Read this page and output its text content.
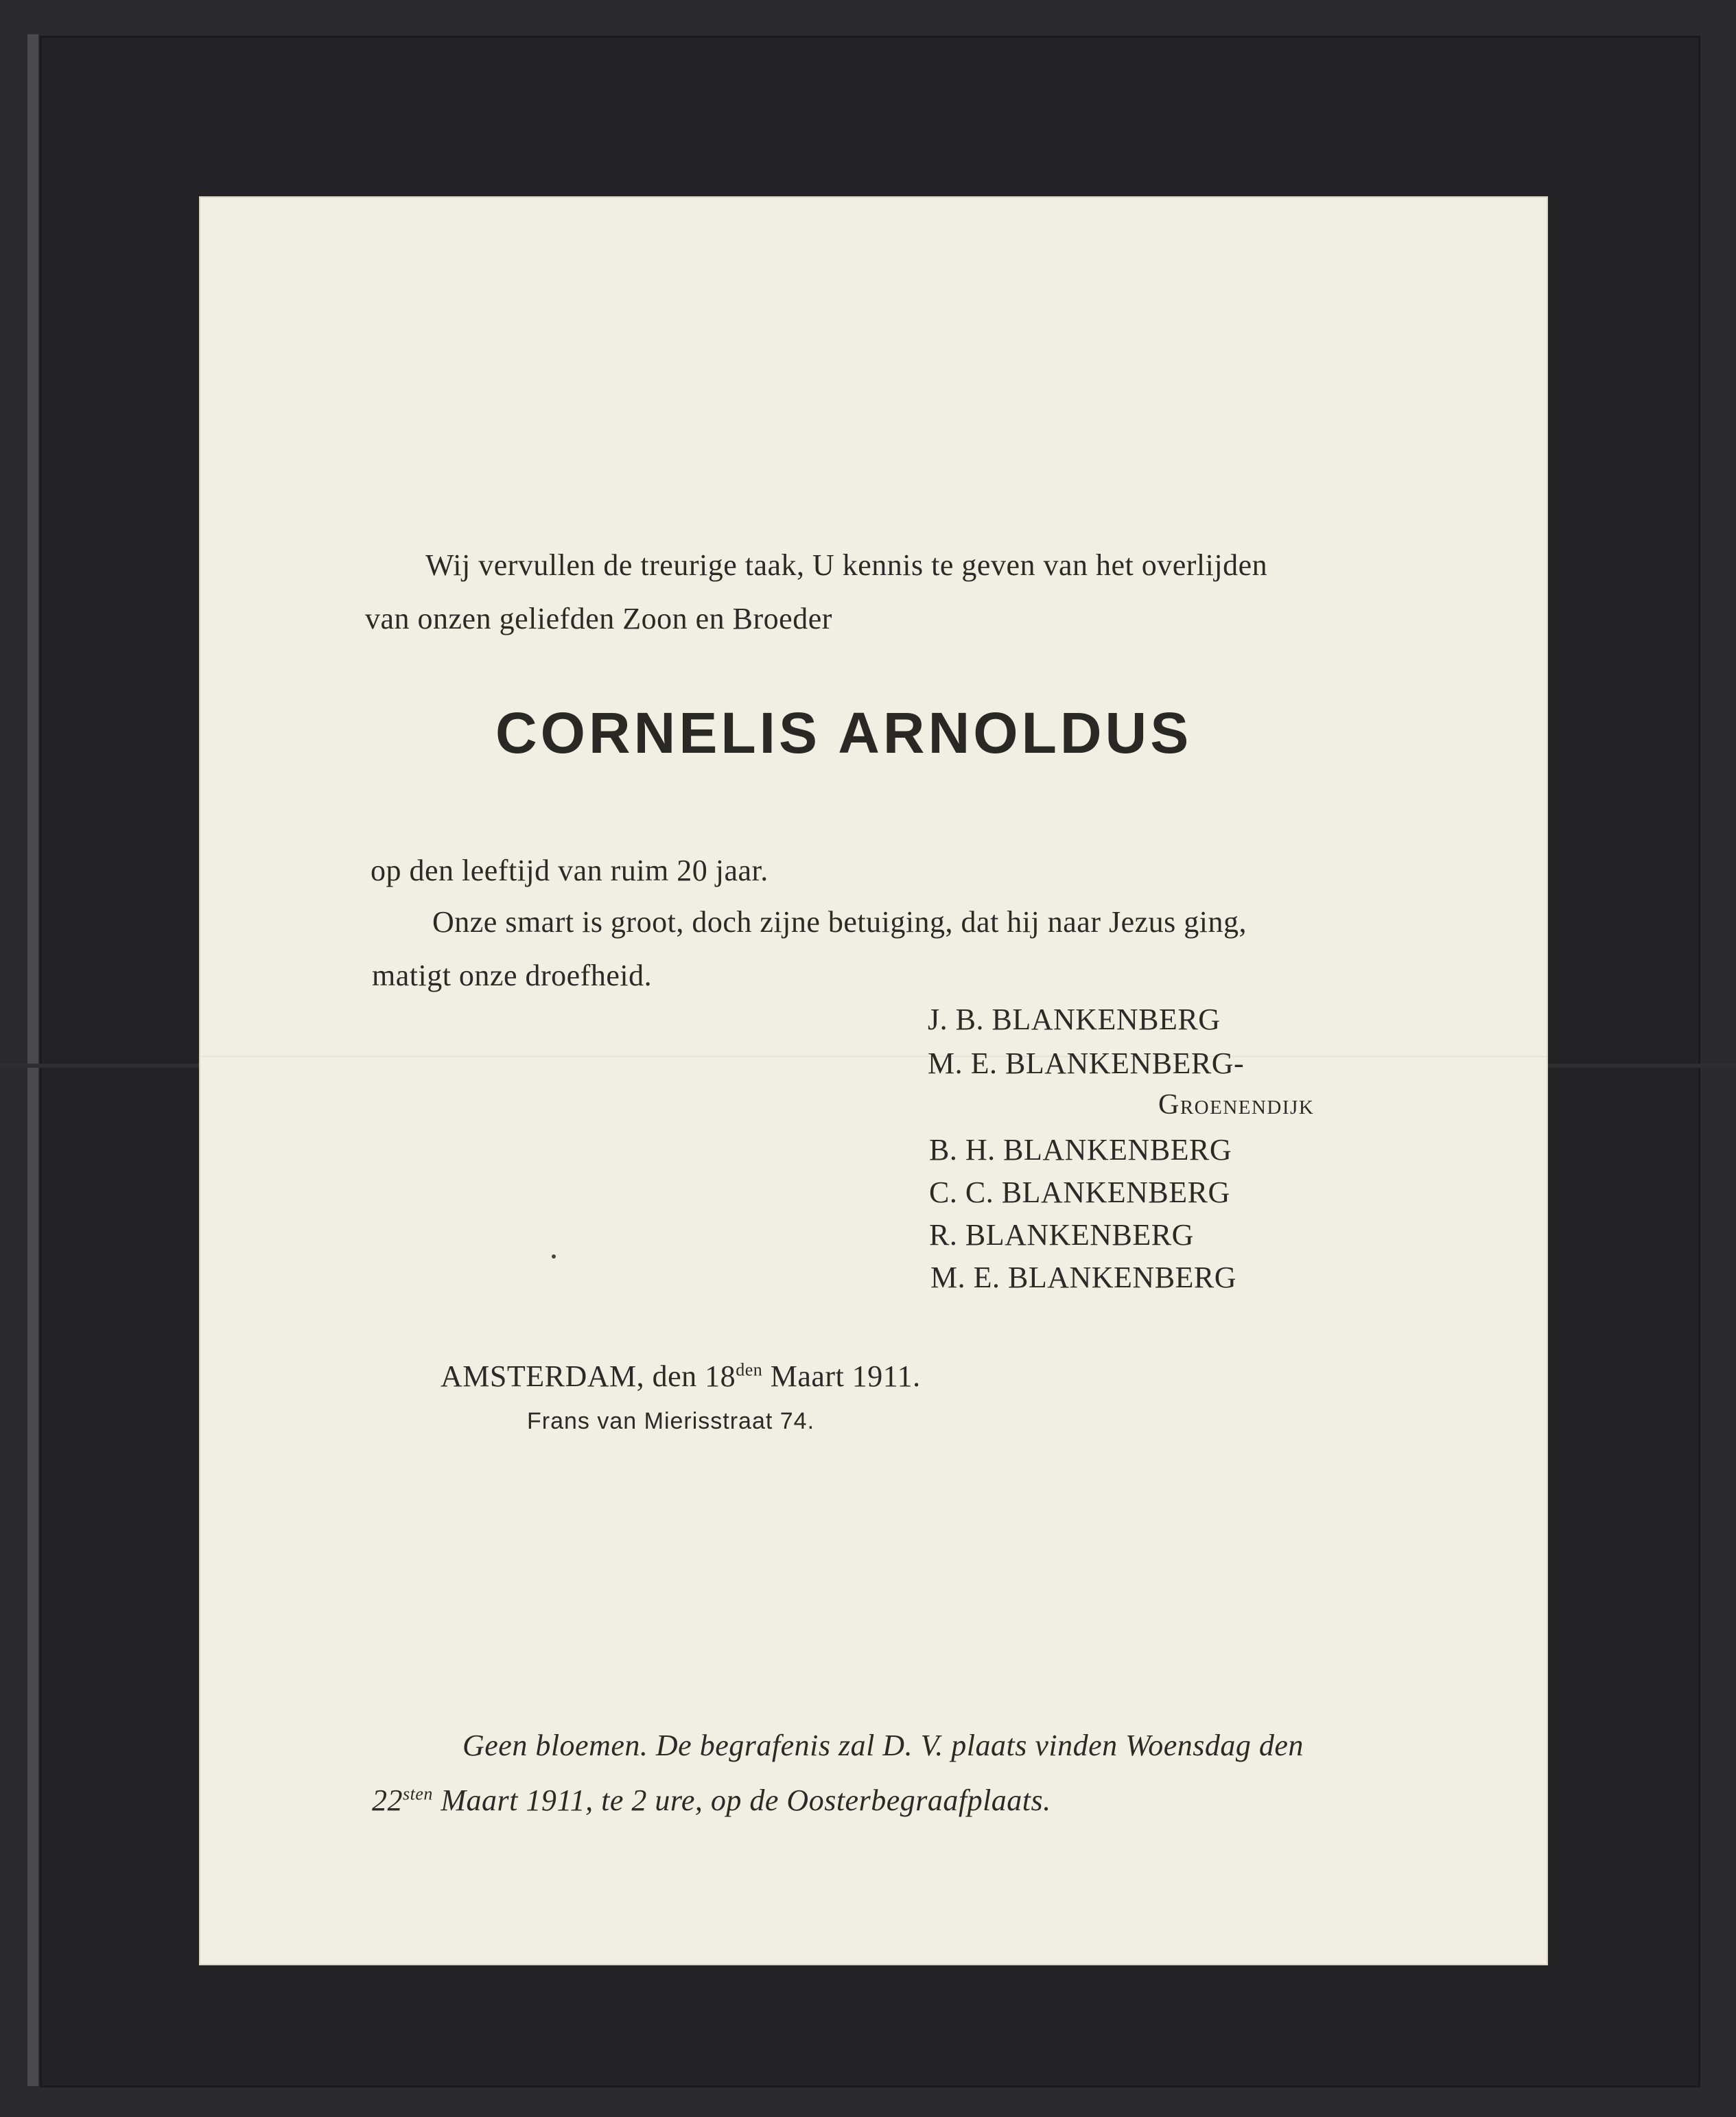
Wij vervullen de treurige taak, U kennis te geven van het overlijden
van onzen geliefden Zoon en Broeder
CORNELIS ARNOLDUS
op den leeftijd van ruim 20 jaar.
Onze smart is groot, doch zijne betuiging, dat hij naar Jezus ging,
matigt onze droefheid.
J. B. BLANKENBERG
M. E. BLANKENBERG-
Groenendijk
B. H. BLANKENBERG
C. C. BLANKENBERG
R. BLANKENBERG
M. E. BLANKENBERG
AMSTERDAM, den $18^{den}$ Maart 1911.
Frans van Mierisstraat 74.
Geen bloemen. De begrafenis zal D. V. plaats vinden Woensdag den
$22^{sten}$ Maart 1911, te 2 ure, op de Oosterbegraafplaats.
